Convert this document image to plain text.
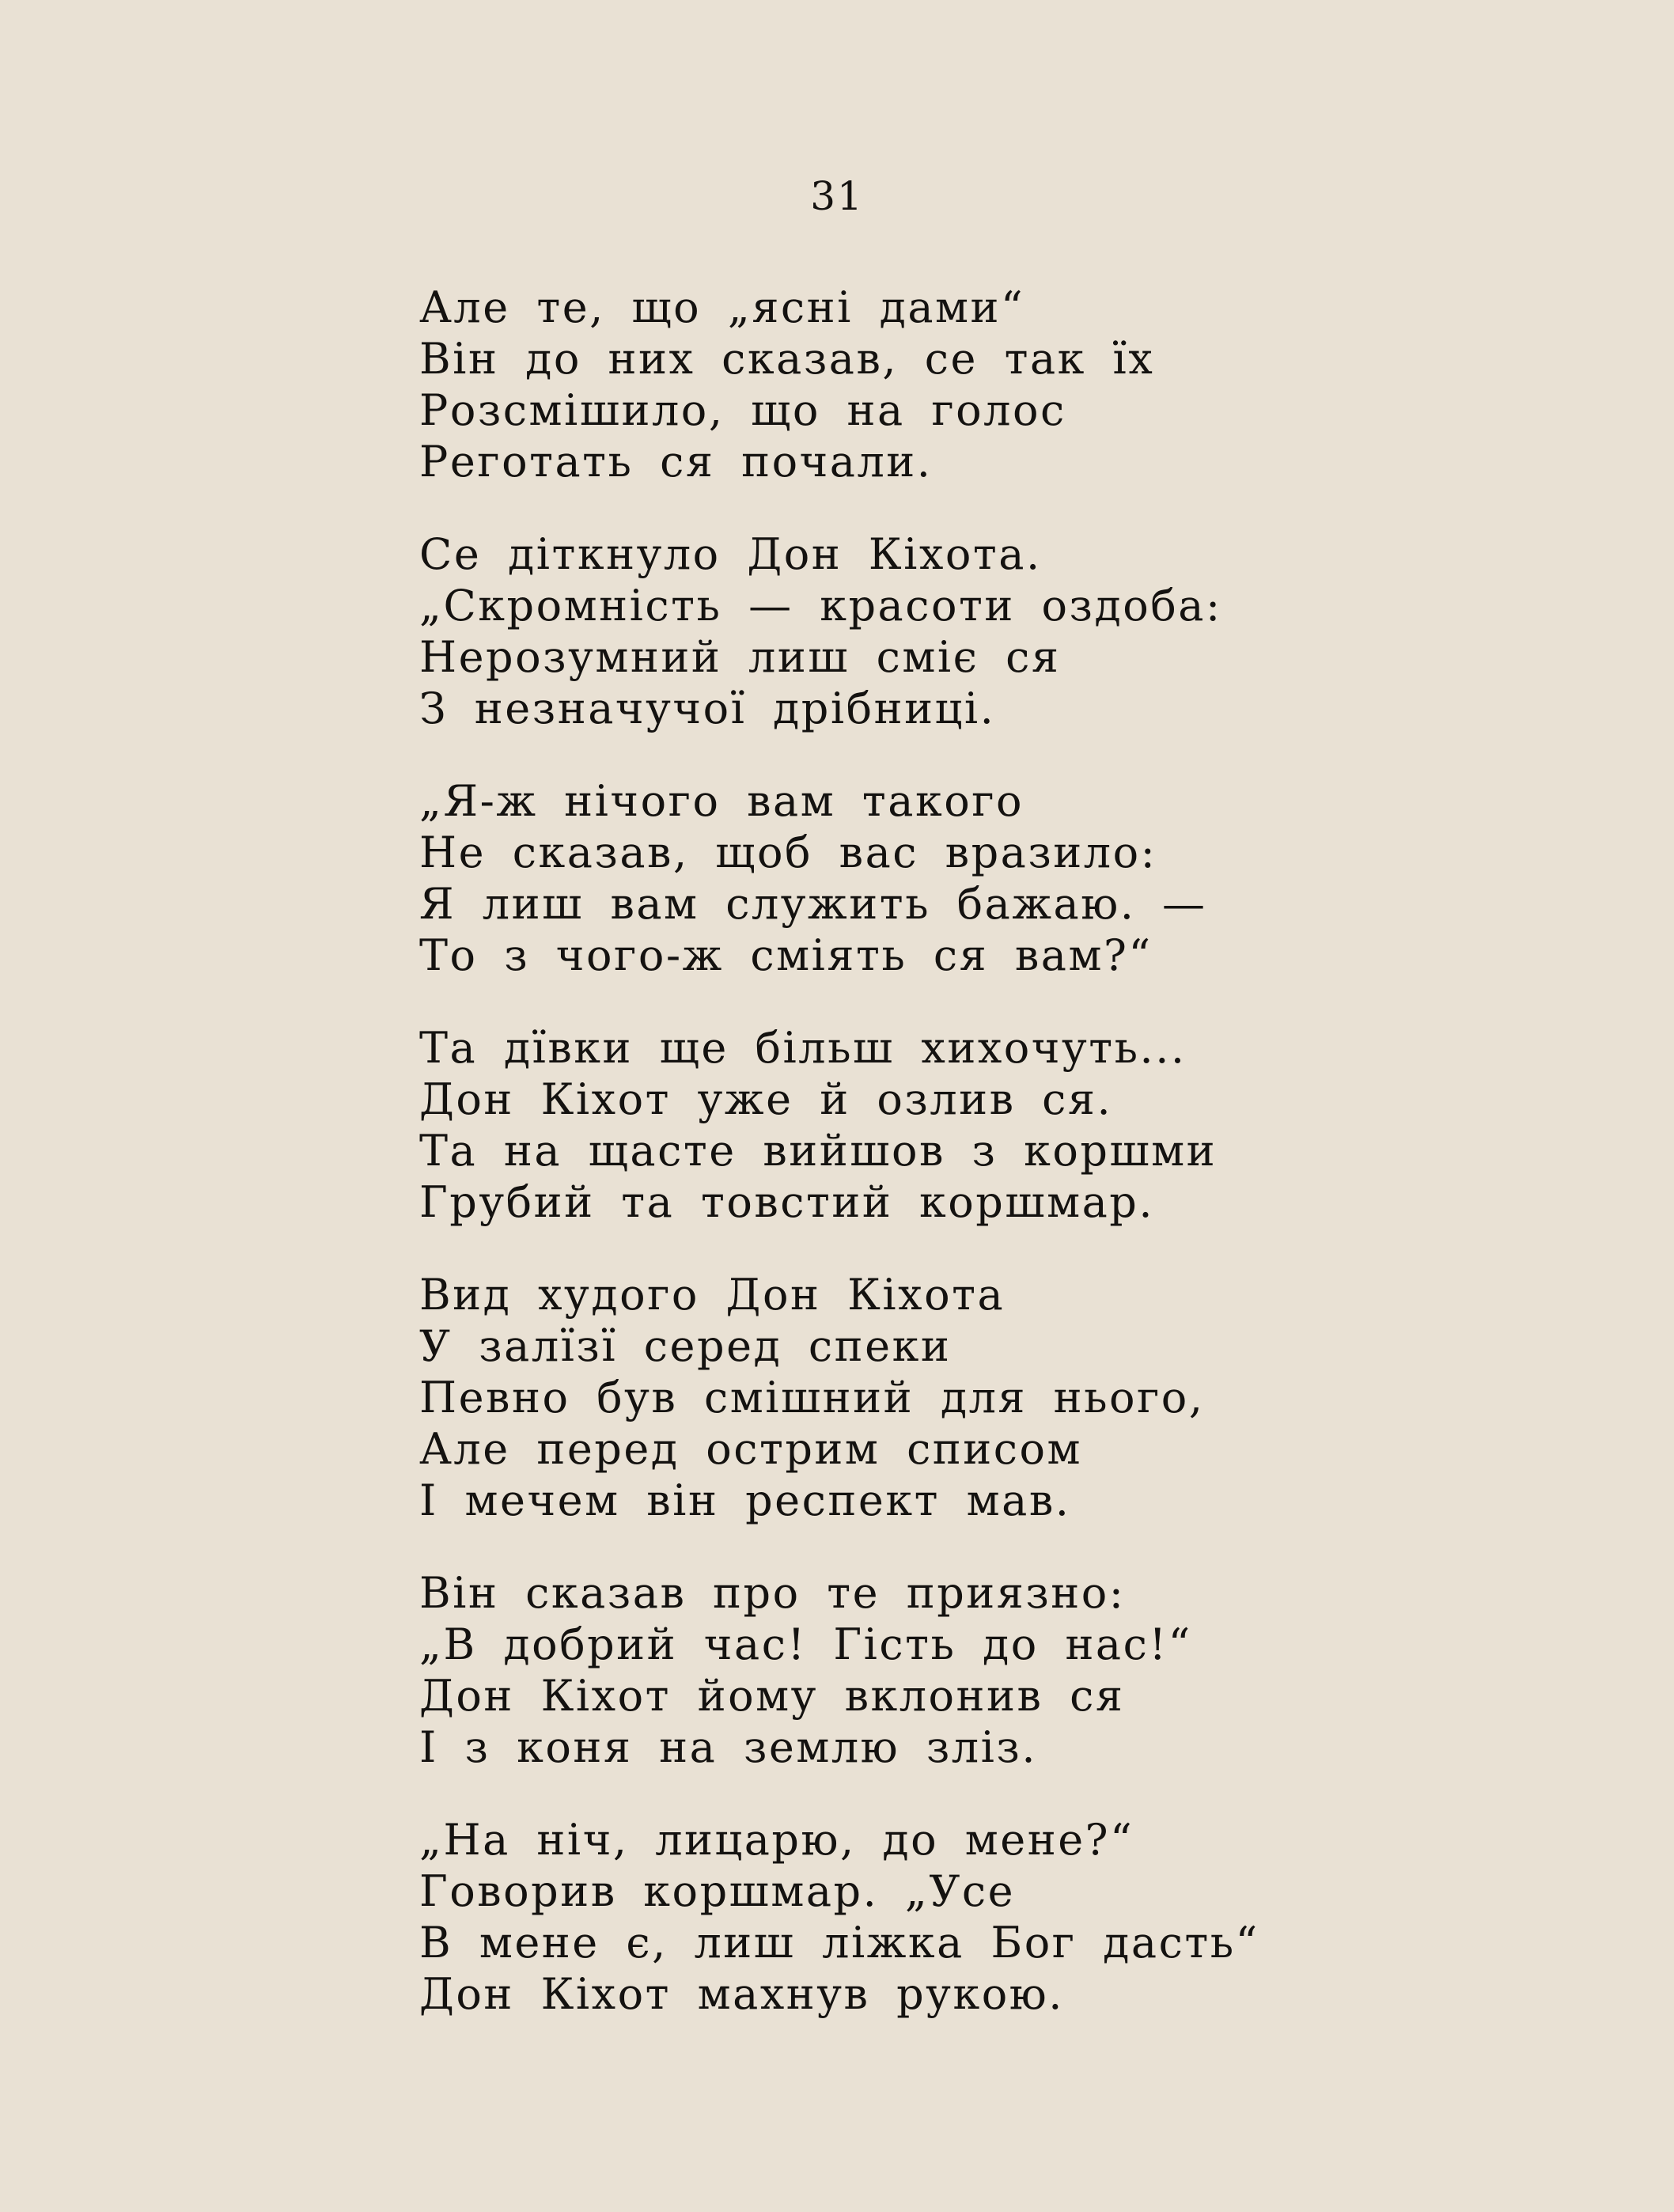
31
Але те, що „ясні дами“
Він до них сказав, се так їх
Розсмішило, що на голос
Реготать ся почали.
Се діткнуло Дон Кіхота.
„Скромність — красоти оздоба:
Нерозумний лиш сміє ся
З незначучої дрібниці.
„Я-ж нічого вам такого
Не сказав, щоб вас вразило:
Я лиш вам служить бажаю. —
То з чого-ж сміять ся вам?“
Та дївки ще більш хихочуть...
Дон Кіхот уже й озлив ся.
Та на щасте вийшов з коршми
Грубий та товстий коршмар.
Вид худого Дон Кіхота
У залїзї серед спеки
Певно був смішний для нього,
Але перед острим списом
І мечем він респект мав.
Він сказав про те приязно:
„В добрий час! Гість до нас!“
Дон Кіхот йому вклонив ся
І з коня на землю зліз.
„На ніч, лицарю, до мене?“
Говорив коршмар. „Усе
В мене є, лиш ліжка Бог дасть“
Дон Кіхот махнув рукою.
